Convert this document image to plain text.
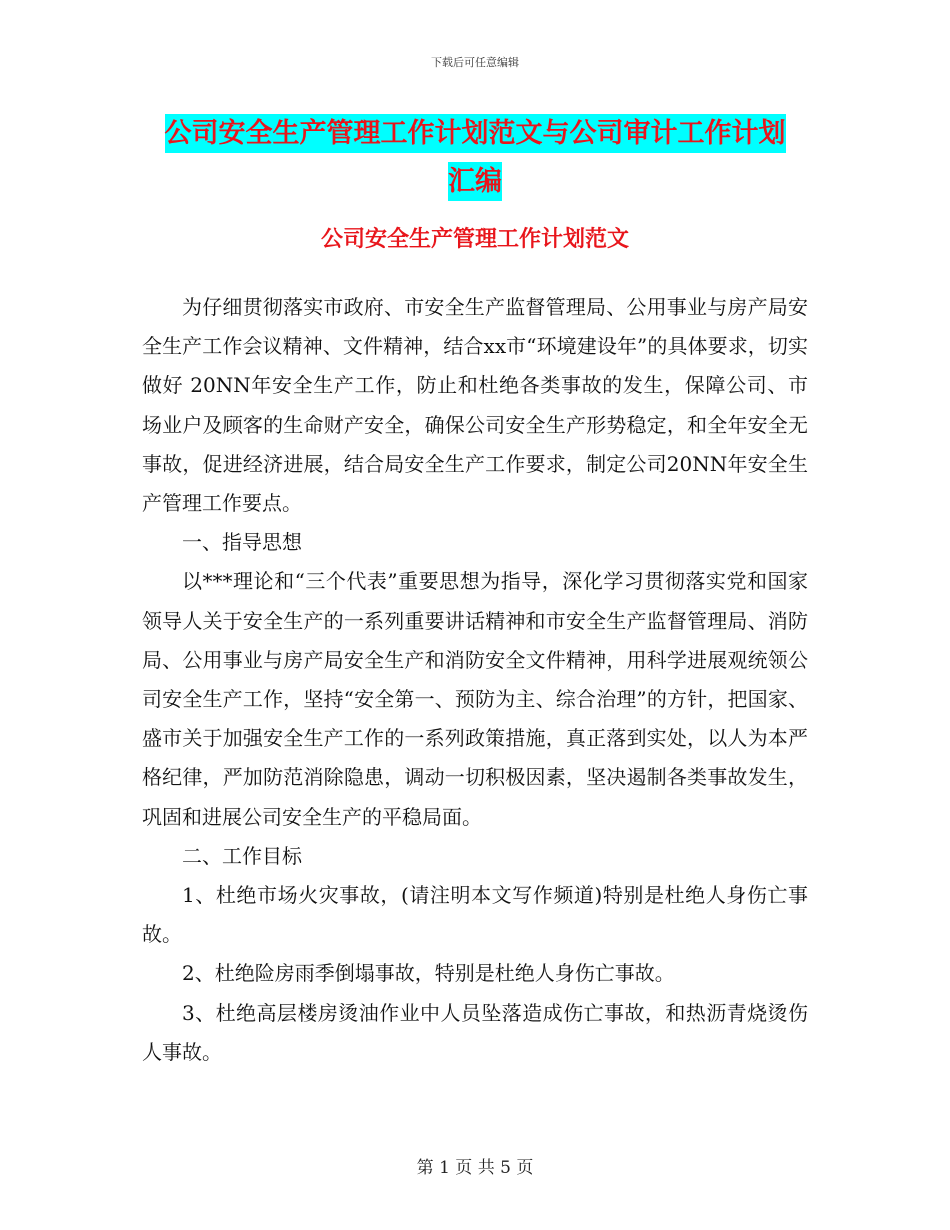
下载后可任意编辑
公司安全生产管理工作计划范文与公司审计工作计划
汇编
公司安全生产管理工作计划范文

为仔细贯彻落实市政府、市安全生产监督管理局、公用事业与房产局安全生产工作会议精神、文件精神，结合xx市“环境建设年”的具体要求，切实做好 20NN年安全生产工作，防止和杜绝各类事故的发生，保障公司、市场业户及顾客的生命财产安全，确保公司安全生产形势稳定，和全年安全无事故，促进经济进展，结合局安全生产工作要求，制定公司20NN年安全生产管理工作要点。

一、指导思想

以***理论和“三个代表”重要思想为指导，深化学习贯彻落实党和国家领导人关于安全生产的一系列重要讲话精神和市安全生产监督管理局、消防局、公用事业与房产局安全生产和消防安全文件精神，用科学进展观统领公司安全生产工作，坚持“安全第一、预防为主、综合治理”的方针，把国家、盛市关于加强安全生产工作的一系列政策措施，真正落到实处，以人为本严格纪律，严加防范消除隐患，调动一切积极因素，坚决遏制各类事故发生，巩固和进展公司安全生产的平稳局面。

二、工作目标

1、杜绝市场火灾事故，(请注明本文写作频道)特别是杜绝人身伤亡事故。

2、杜绝险房雨季倒塌事故，特别是杜绝人身伤亡事故。

3、杜绝高层楼房烫油作业中人员坠落造成伤亡事故，和热沥青烧烫伤人事故。

第 1 页 共 5 页
